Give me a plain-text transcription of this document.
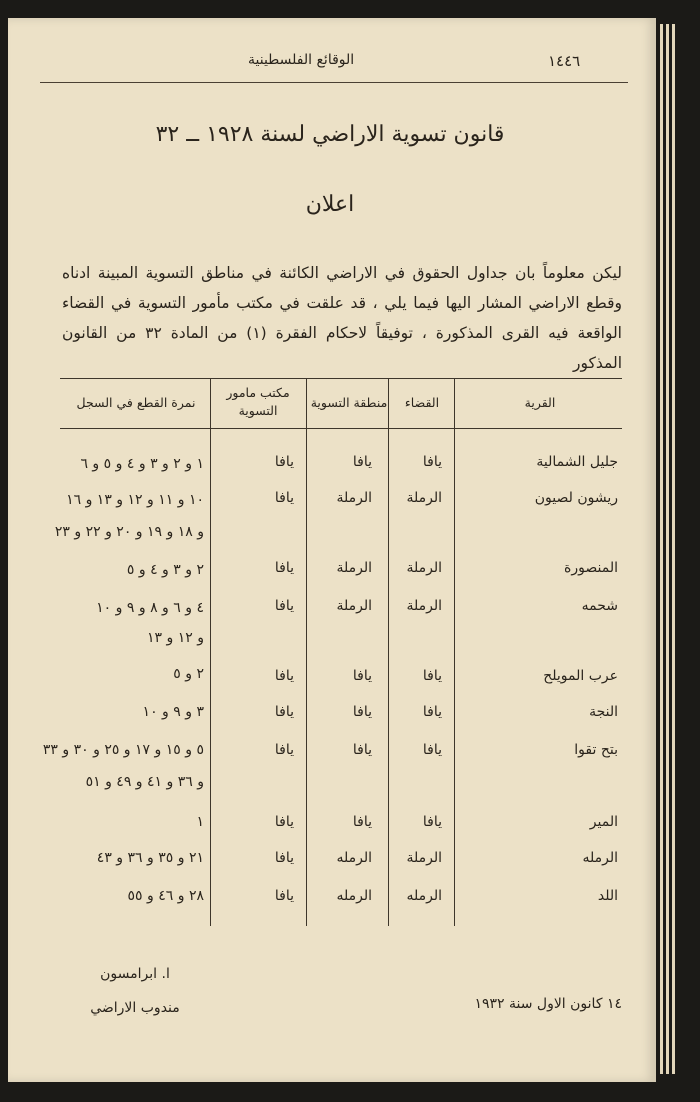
١٤٤٦
الوقائع الفلسطينية
قانون تسوية الاراضي لسنة ١٩٢٨ ــ ٣٢
اعلان
ليكن معلوماً بان جداول الحقوق في الاراضي الكائنة في مناطق التسوية المبينة ادناه وقطع الاراضي المشار اليها فيما يلي ، قد علقت في مكتب مأمور التسوية في القضاء الواقعة فيه القرى المذكورة ، توفيقاً لاحكام الفقرة (١) من المادة ٣٢ من القانون المذكور
القرية
القضاء
منطقة التسوية
مكتب مامور التسوية
نمرة القطع في السجل
جليل الشمالية
يافا
يافا
يافا
١ و ٢ و ٣ و ٤ و ٥ و ٦
ريشون لصيون
الرملة
الرملة
يافا
١٠ و ١١ و ١٢ و ١٣ و ١٦
و ١٨ و ١٩ و ٢٠ و ٢٢ و ٢٣
المنصورة
الرملة
الرملة
يافا
٢ و ٣ و ٤ و ٥
شحمه
الرملة
الرملة
يافا
٤ و ٦ و ٨ و ٩ و ١٠
و ١٢ و ١٣
عرب المويلح
يافا
يافا
يافا
٢ و ٥
النجة
يافا
يافا
يافا
٣ و ٩ و ١٠
بتح تقوا
يافا
يافا
يافا
٥ و ١٥ و ١٧ و ٢٥ و ٣٠ و ٣٣
و ٣٦ و ٤١ و ٤٩ و ٥١
المير
يافا
يافا
يافا
١
الرمله
الرملة
الرمله
يافا
٢١ و ٣٥ و ٣٦ و ٤٣
اللد
الرمله
الرمله
يافا
٢٨ و ٤٦ و ٥٥
ا. ابرامسون
مندوب الاراضي	١٤ كانون الاول سنة ١٩٣٢
